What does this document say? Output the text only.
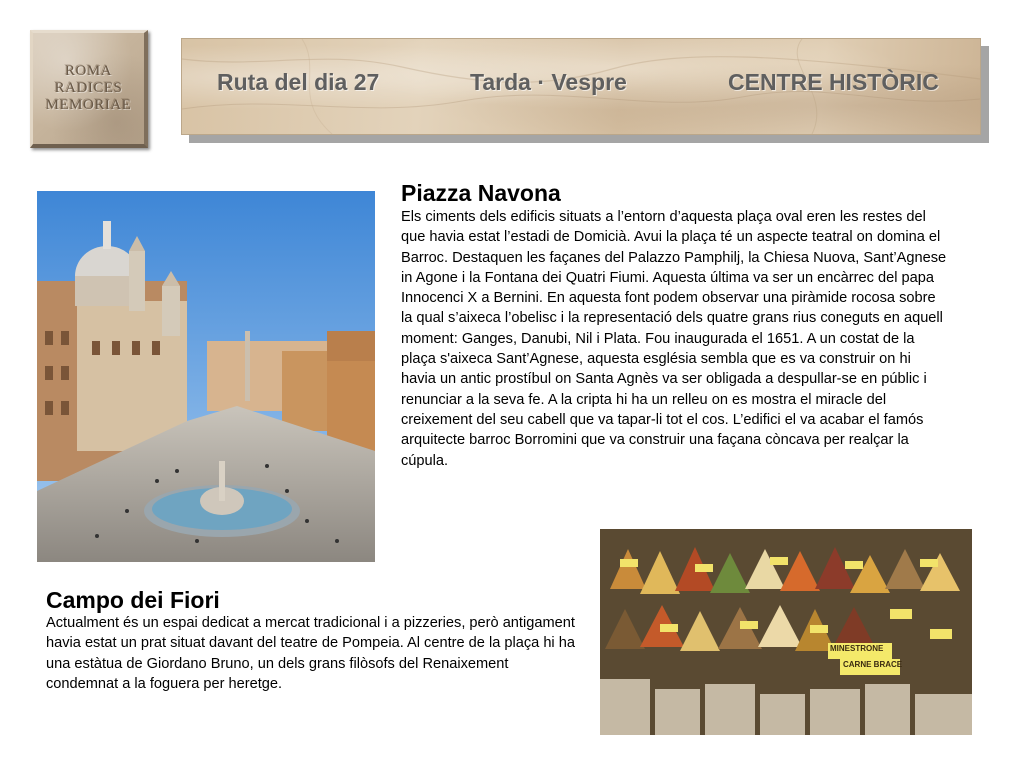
ROMA
RADICES
MEMORIAE
Ruta del dia 27	Tarda · Vespre	CENTRE HISTÒRIC
Piazza Navona

Els ciments dels edificis situats a l’entorn d’aquesta plaça oval eren les restes del que havia estat l’estadi de Domicià. Avui la plaça té un aspecte teatral on domina el Barroc. Destaquen les façanes del Palazzo Pamphilj, la Chiesa Nuova, Sant’Agnese in Agone i la Fontana dei Quatri Fiumi. Aquesta última va ser un encàrrec del papa Innocenci X a Bernini. En aquesta font podem observar una piràmide rocosa sobre la qual s’aixeca l’obelisc i la representació dels quatre grans rius coneguts en aquell moment: Ganges, Danubi, Nil i Plata. Fou inaugurada el 1651. A un costat de la plaça s'aixeca Sant’Agnese, aquesta església sembla que es va construir on hi havia un antic prostíbul on Santa Agnès va ser obligada a despullar-se en públic i renunciar a la seva fe. A la cripta hi ha un relleu on es mostra el miracle del creixement del seu cabell que va tapar-li tot el cos. L’edifici el va acabar el famós arquitecte barroc Borromini que va construir una façana còncava per realçar la cúpula.

Campo dei Fiori

Actualment és un espai dedicat a mercat tradicional i a pizzeries, però antigament havia estat un prat situat davant del teatre de Pompeia. Al centre de la plaça hi ha una estàtua de Giordano Bruno, un dels grans filòsofs del Renaixement condemnat a la foguera per heretge.

MINESTRONE
CARNE BRACE
